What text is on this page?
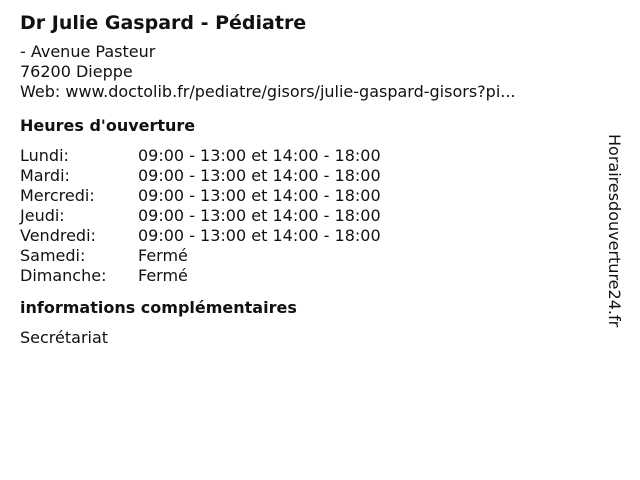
Dr Julie Gaspard - Pédiatre
- Avenue Pasteur
76200 Dieppe
Web: www.doctolib.fr/pediatre/gisors/julie-gaspard-gisors?pi...
Heures d'ouverture
Lundi:	09:00 - 13:00 et 14:00 - 18:00
Mardi:	09:00 - 13:00 et 14:00 - 18:00
Mercredi:	09:00 - 13:00 et 14:00 - 18:00
Jeudi:	09:00 - 13:00 et 14:00 - 18:00
Vendredi:	09:00 - 13:00 et 14:00 - 18:00
Samedi:	Fermé
Dimanche:	Fermé
informations complémentaires
Secrétariat
Horairesdouverture24.fr
